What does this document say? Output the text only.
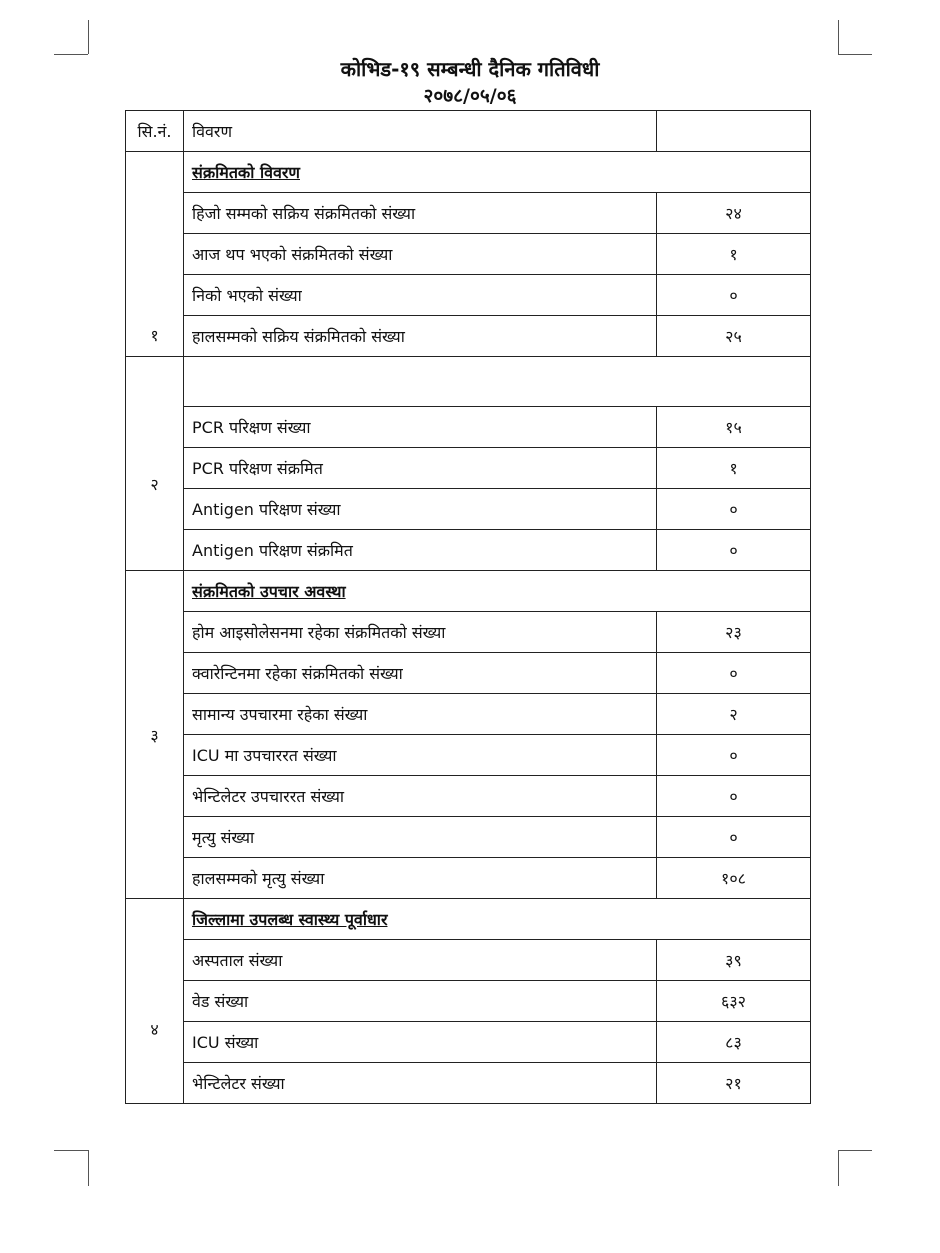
कोभिड-१९ सम्बन्धी दैनिक गतिविधी
२०७८/०५/०६
सि.नं.	विवरण	
१	संक्रमितको विवरण	
	हिजो सम्मको सक्रिय संक्रमितको संख्या	२४
	आज थप भएको संक्रमितको संख्या	१
	निको भएको संख्या	०
	हालसम्मको सक्रिय संक्रमितको संख्या	२५
२		
	PCR परिक्षण संख्या	१५
	PCR परिक्षण संक्रमित	१
	Antigen परिक्षण संख्या	०
	Antigen परिक्षण संक्रमित	०
३	संक्रमितको उपचार अवस्था	
	होम आइसोलेसनमा रहेका संक्रमितको संख्या	२३
	क्वारेन्टिनमा रहेका संक्रमितको संख्या	०
	सामान्य उपचारमा रहेका संख्या	२
	ICU मा उपचाररत संख्या	०
	भेन्टिलेटर उपचाररत संख्या	०
	मृत्यु संख्या	०
	हालसम्मको मृत्यु संख्या	१०८
४	जिल्लामा उपलब्ध स्वास्थ्य पूर्वाधार	
	अस्पताल संख्या	३९
	वेड संख्या	६३२
	ICU संख्या	८३
	भेन्टिलेटर संख्या	२१
